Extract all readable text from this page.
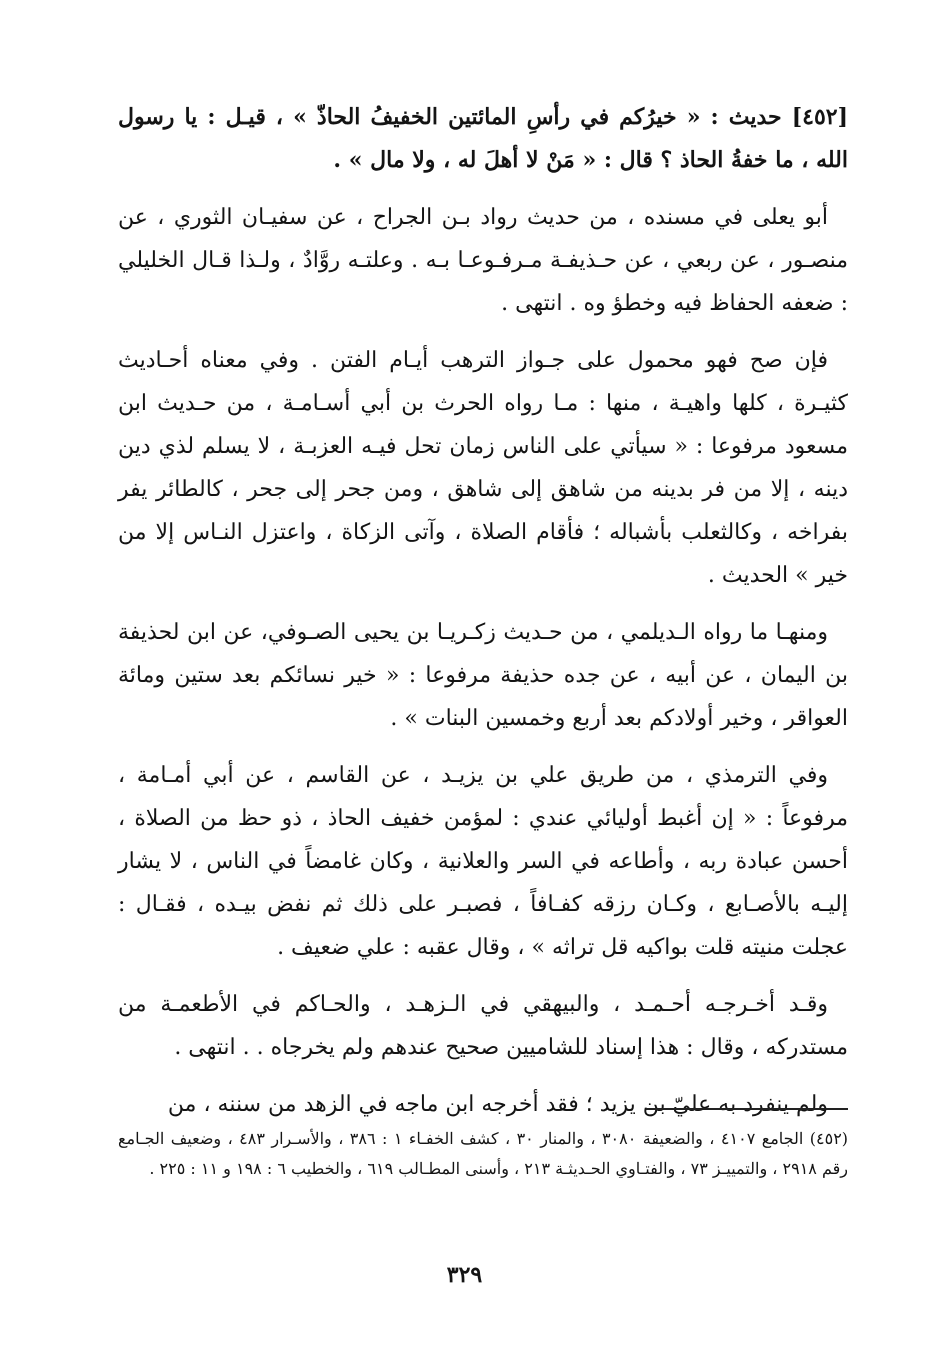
[٤٥٢] حديث : « خيرُكم في رأسِ المائتين الخفيفُ الحاذّ » ، قيـل : يا رسول الله ، ما خفةُ الحاذ ؟ قال : « مَنْ لا أهلَ له ، ولا مال » .

أبو يعلى في مسنده ، من حديث رواد بـن الجراح ، عن سفيـان الثوري ، عن منصـور ، عن ربعي ، عن حـذيفـة مـرفـوعـا بـه . وعلتـه روَّادٌ ، ولـذا قـال الخليلي : ضعفه الحفاظ فيه وخطؤ وه . انتهى .

فإن صح فهو محمول على جـواز الترهب أيـام الفتن . وفي معناه أحـاديث كثيـرة ، كلها واهيـة ، منها : مـا رواه الحرث بن أبي أسـامـة ، من حـديث ابن مسعود مرفوعا : « سيأتي على الناس زمان تحل فيـه العزبـة ، لا يسلم لذي دين دينه ، إلا من فر بدينه من شاهق إلى شاهق ، ومن جحر إلى جحر ، كالطائر يفر بفراخه ، وكالثعلب بأشباله ؛ فأقام الصلاة ، وآتى الزكاة ، واعتزل النـاس إلا من خير » الحديث .

ومنهـا ما رواه الـديلمي ، من حـديث زكـريـا بن يحيى الصـوفي، عن ابن لحذيفة بن اليمان ، عن أبيه ، عن جده حذيفة مرفوعا : « خير نسائكم بعد ستين ومائة العواقر ، وخير أولادكم بعد أربع وخمسين البنات » .

وفي الترمذي ، من طريق علي بن يزيـد ، عن القاسم ، عن أبي أمـامة ، مرفوعاً : « إن أغبط أوليائي عندي : لمؤمن خفيف الحاذ ، ذو حظ من الصلاة ، أحسن عبادة ربه ، وأطاعه في السر والعلانية ، وكان غامضاً في الناس ، لا يشار إليـه بالأصـابع ، وكـان رزقه كفـافاً ، فصبـر على ذلك ثم نفض بيـده ، فقـال : عجلت منيته قلت بواكيه قل تراثه » ، وقال عقبه : علي ضعيف .

وقـد أخـرجـه أحـمـد ، والبيهقي في الـزهـد ، والحـاكم في الأطعمـة من مستدركه ، وقال : هذا إسناد للشاميين صحيح عندهم ولم يخرجاه . . انتهى .

ولم ينفرد به عليّ بن يزيد ؛ فقد أخرجه ابن ماجه في الزهد من سننه ، من

(٤٥٢) الجامع ٤١٠٧ ، والضعيفة ٣٠٨٠ ، والمنار ٣٠ ، كشف الخفـاء ١ : ٣٨٦ ، والأسـرار ٤٨٣ ، وضعيف الجـامع رقم ٢٩١٨ ، والتمييـز ٧٣ ، والفتـاوي الحـديثـة ٢١٣ ، وأسنى المطـالب ٦١٩ ، والخطيب ٦ : ١٩٨ و ١١ : ٢٢٥ .
٣٢٩
